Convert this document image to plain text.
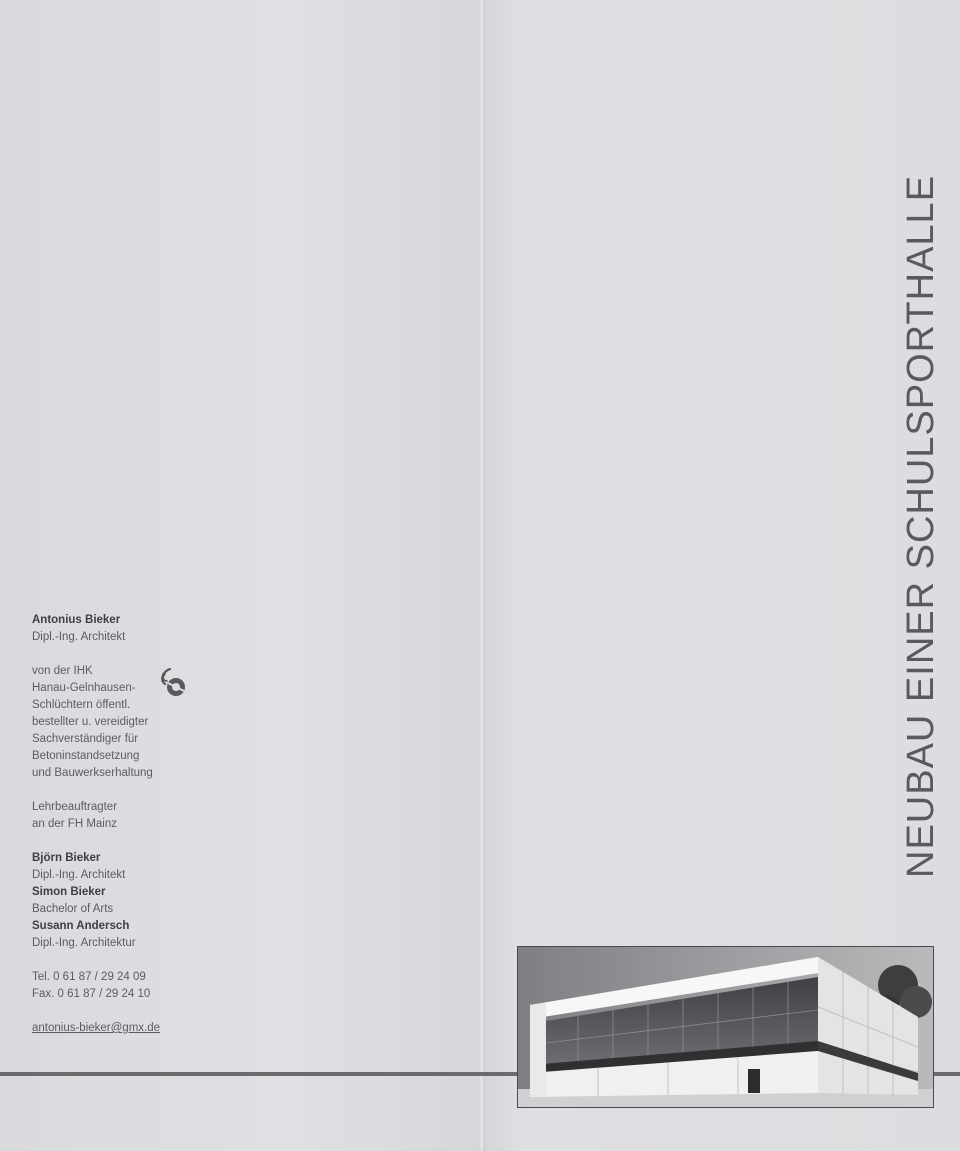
Antonius Bieker
Dipl.-Ing. Architekt
von der IHK
Hanau-Gelnhausen-
Schlüchtern öffentl.
bestellter u. vereidigter
Sachverständiger für
Betoninstandsetzung
und Bauwerkserhaltung
Lehrbeauftragter
an der FH Mainz
Björn Bieker
Dipl.-Ing. Architekt
Simon Bieker
Bachelor of Arts
Susann Andersch
Dipl.-Ing. Architektur
Tel. 0 61 87 / 29 24 09
Fax. 0 61 87 / 29 24 10
antonius-bieker@gmx.de
NEUBAU EINER SCHULSPORTHALLE
